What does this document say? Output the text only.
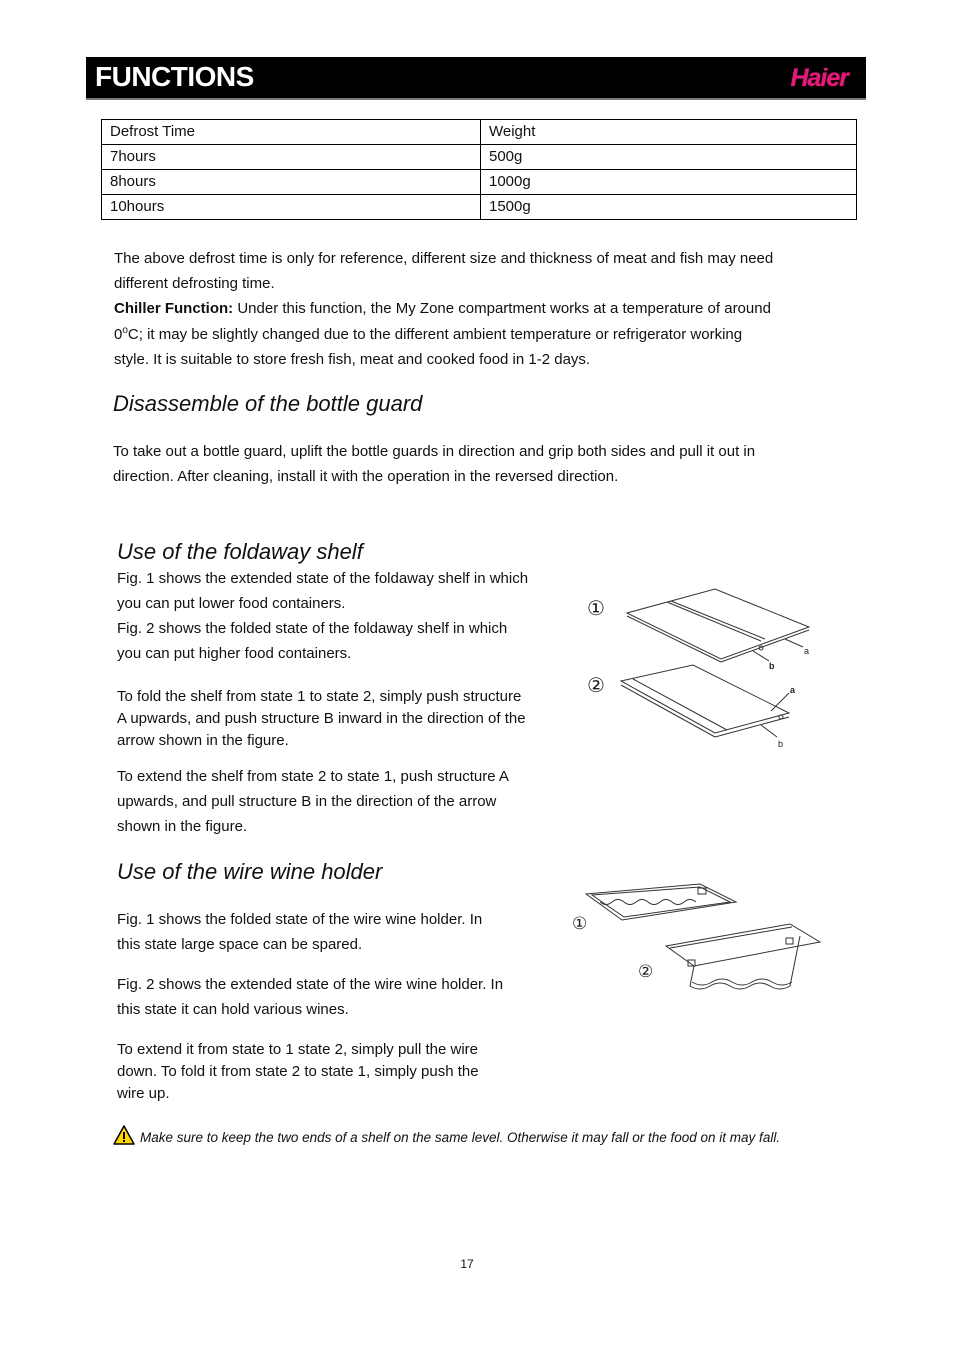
FUNCTIONS	Haier
Defrost Time	Weight
7hours	500g
8hours	1000g
10hours	1500g
The above defrost time is only for reference, different size and thickness of meat and fish may need
different defrosting time.
Chiller Function: Under this function, the My Zone compartment works at a temperature of around
0$^o$C; it may be slightly changed due to the different ambient temperature or refrigerator working
style. It is suitable to store fresh fish, meat and cooked food in 1-2 days.
Disassemble of the bottle guard
To take out a bottle guard, uplift the bottle guards in direction and grip both sides and pull it out in
direction. After cleaning, install it with the operation in the reversed direction.
Use of the foldaway shelf
Fig. 1 shows the extended state of the foldaway shelf in which
you can put lower food containers.
Fig. 2 shows the folded state of the foldaway shelf in which
you can put higher food containers.
To fold the shelf from state 1 to state 2, simply push structure
A upwards, and push structure B inward in the direction of the
arrow shown in the figure.
To extend the shelf from state 2 to state 1, push structure A
upwards, and pull structure B in the direction of the arrow
shown in the figure.
①
②
a
b
a
b
Use of the wire wine holder
Fig. 1 shows the folded state of the wire wine holder. In
this state large space can be spared.
Fig. 2 shows the extended state of the wire wine holder. In
this state it can hold various wines.
To extend it from state to 1 state 2, simply pull the wire
down. To fold it from state 2 to state 1, simply push the
wire up.
①
②
Make sure to keep the two ends of a shelf on the same level. Otherwise it may fall or the food on it may fall.
17
